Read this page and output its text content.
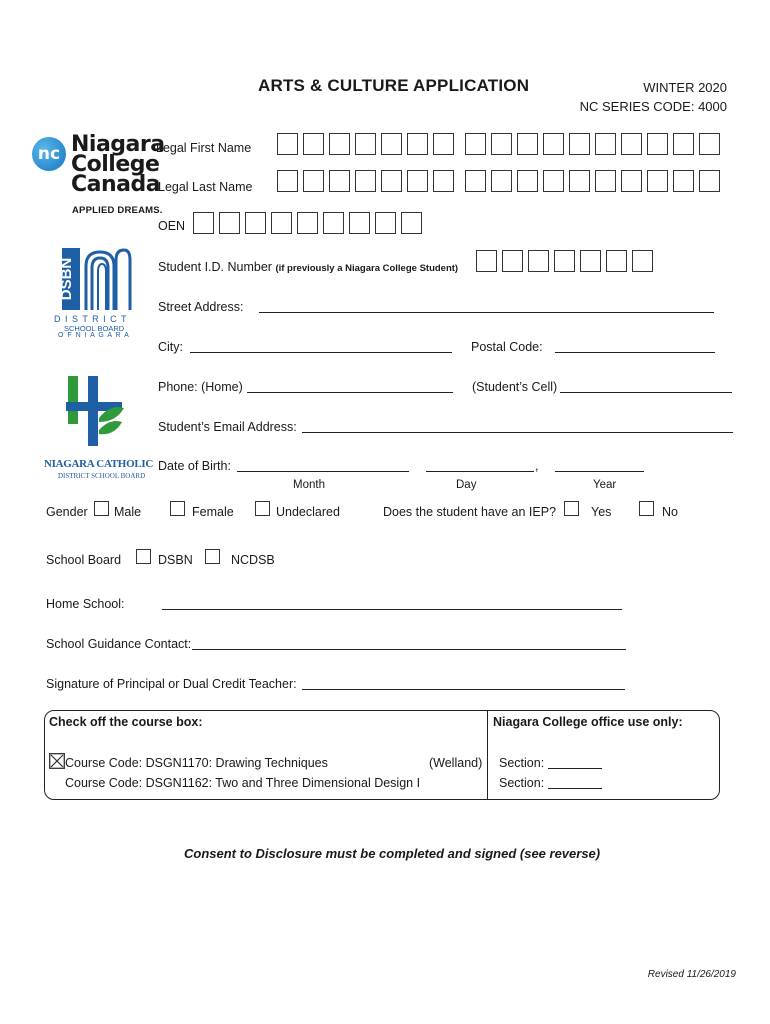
ARTS & CULTURE APPLICATION	WINTER 2020
NC SERIES CODE: 4000
nc Niagara
College
Canada
APPLIED DREAMS.
DSBN
D I S T R I C T
SCHOOL BOARD
O F N I A G A R A
NIAGARA CATHOLIC
DISTRICT SCHOOL BOARD
Legal First Name
Legal Last Name
OEN
Student I.D. Number (if previously a Niagara College Student)
Street Address:
City:	Postal Code:
Phone: (Home)	(Student’s Cell)
Student’s Email Address:
Date of Birth:	,
Month	Day	Year
Gender Male	Female	Undeclared	Does the student have an IEP?	Yes	No
School Board	DSBN	NCDSB
Home School:
School Guidance Contact:
Signature of Principal or Dual Credit Teacher:
Check off the course box:	Niagara College office use only:
Course Code: DSGN1170: Drawing Techniques	(Welland)
Course Code: DSGN1162: Two and Three Dimensional Design I
Section:
Section:
Consent to Disclosure must be completed and signed (see reverse)
Revised 11/26/2019
